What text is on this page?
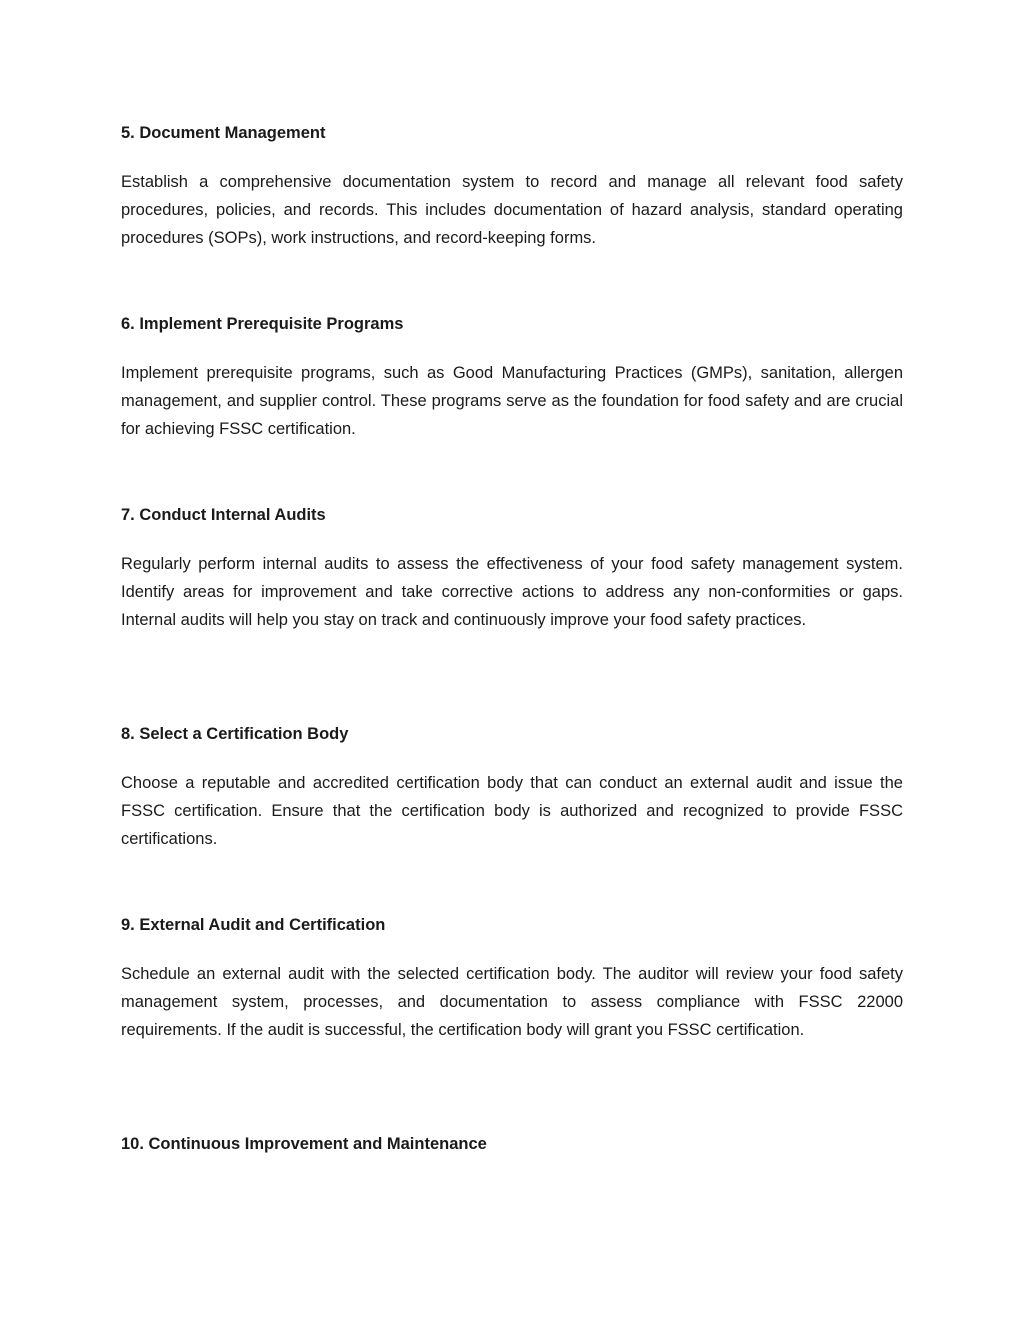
5. Document Management

Establish a comprehensive documentation system to record and manage all relevant food safety procedures, policies, and records. This includes documentation of hazard analysis, standard operating procedures (SOPs), work instructions, and record-keeping forms.

6. Implement Prerequisite Programs

Implement prerequisite programs, such as Good Manufacturing Practices (GMPs), sanitation, allergen management, and supplier control. These programs serve as the foundation for food safety and are crucial for achieving FSSC certification.

7. Conduct Internal Audits

Regularly perform internal audits to assess the effectiveness of your food safety management system. Identify areas for improvement and take corrective actions to address any non-conformities or gaps. Internal audits will help you stay on track and continuously improve your food safety practices.

8. Select a Certification Body

Choose a reputable and accredited certification body that can conduct an external audit and issue the FSSC certification. Ensure that the certification body is authorized and recognized to provide FSSC certifications.

9. External Audit and Certification

Schedule an external audit with the selected certification body. The auditor will review your food safety management system, processes, and documentation to assess compliance with FSSC 22000 requirements. If the audit is successful, the certification body will grant you FSSC certification.

10. Continuous Improvement and Maintenance
